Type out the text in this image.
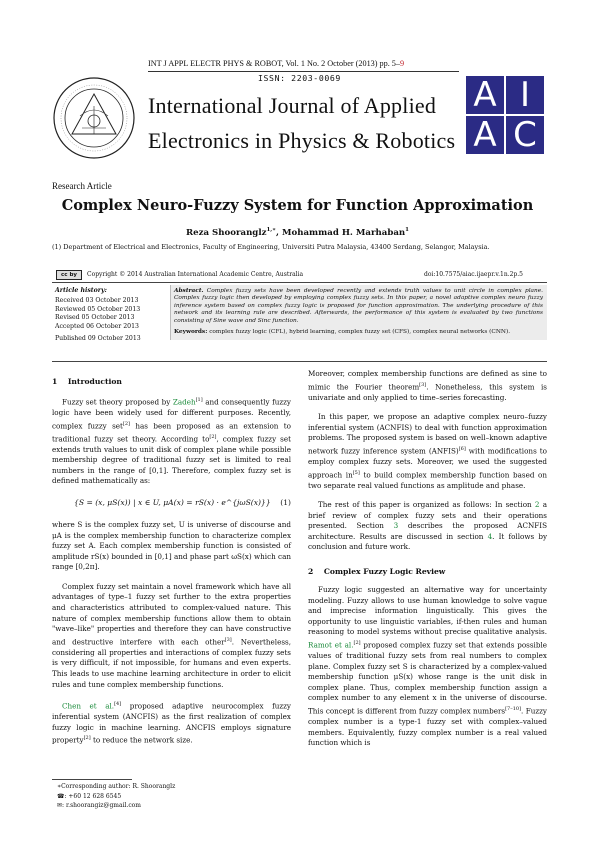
INT J APPL ELECTR PHYS & ROBOT, Vol. 1 No. 2 October (2013) pp. 5–9
ISSN: 2203-0069
International Journal of Applied
Electronics in Physics & Robotics
A I
A C
Research Article
Complex Neuro-Fuzzy System for Function Approximation
Reza Shooranglz$^{1,∗}$, Mohammad H. Marhaban$^1$
(1) Department of Electrical and Electronics, Faculty of Engineering, Universiti Putra Malaysia, 43400 Serdang, Selangor, Malaysia.
cc by	Copyright © 2014 Australian International Academic Centre, Australia	doi:10.7575/aiac.ijaepr.v.1n.2p.5
Article history:
Received 03 October 2013
Reviewed 05 October 2013
Revised 05 October 2013
Accepted 06 October 2013
Published 09 October 2013
Abstract. Complex fuzzy sets have been developed recently and extends truth values to unit circle in complex plane. Complex fuzzy logic then developed by employing complex fuzzy sets. In this paper, a novel adaptive complex neuro fuzzy inference system based on complex fuzzy logic is proposed for function approximation. The underlying procedure of this network and its learning rule are described. Afterwards, the performance of this system is evaluated by two functions consisting of Sine wave and Sinc function.
Keywords: complex fuzzy logic (CFL), hybrid learning, complex fuzzy set (CFS), complex neural networks (CNN).
1    Introduction

Fuzzy set theory proposed by Zadeh[1] and consequently fuzzy logic have been widely used for different purposes. Recently, complex fuzzy set[2] has been proposed as an extension to traditional fuzzy set theory. According to[2], complex fuzzy set extends truth values to unit disk of complex plane while possible membership degree of traditional fuzzy set is limited to real numbers in the range of [0,1]. Therefore, complex fuzzy set is defined mathematically as:

{S = (x, μS(x)) | x ∈ U, μA(x) = rS(x) · e^{jωS(x)}} (1)

where S is the complex fuzzy set, U is universe of discourse and μA is the complex membership function to characterize complex fuzzy set A. Each complex membership function is consisted of amplitude rS(x) bounded in [0,1] and phase part ωS(x) which can range [0,2π].

Complex fuzzy set maintain a novel framework which have all advantages of type–1 fuzzy set further to the extra properties and characteristics attributed to complex-valued nature. This nature of complex membership functions allow them to obtain "wave–like" properties and therefore they can have constructive and destructive interfere with each other[3]. Nevertheless, considering all properties and interactions of complex fuzzy sets is very difficult, if not impossible, for humans and even experts. This leads to use machine learning architecture in order to elicit rules and tune complex membership functions.

Chen et al.[4] proposed adaptive neurocomplex fuzzy inferential system (ANCFIS) as the first realization of complex fuzzy logic in machine learning. ANCFIS employs signature property[2] to reduce the network size.

∗Corresponding author: R. Shooranglz
☎: +60 12 628 6545
✉: r.shoorangiz@gmail.com

Moreover, complex membership functions are defined as sine to mimic the Fourier theorem[3]. Nonetheless, this system is univariate and only applied to time–series forecasting.

In this paper, we propose an adaptive complex neuro–fuzzy inferential system (ACNFIS) to deal with function approximation problems. The proposed system is based on well–known adaptive network fuzzy inference system (ANFIS)[6] with modifications to employ complex fuzzy sets. Moreover, we used the suggested approach in[5] to build complex membership function based on two separate real valued functions as amplitude and phase.

The rest of this paper is organized as follows: In section 2 a brief review of complex fuzzy sets and their operations presented. Section 3 describes the proposed ACNFIS architecture. Results are discussed in section 4. It follows by conclusion and future work.

2    Complex Fuzzy Logic Review

Fuzzy logic suggested an alternative way for uncertainty modeling. Fuzzy allows to use human knowledge to solve vague and imprecise information linguistically. This gives the opportunity to use linguistic variables, if-then rules and human reasoning to model systems without precise qualitative analysis. Ramot et al.[2] proposed complex fuzzy set that extends possible values of traditional fuzzy sets from real numbers to complex plane. Complex fuzzy set S is characterized by a complex-valued membership function μS(x) whose range is the unit disk in complex plane. Thus, complex membership function assign a complex number to any element x in the universe of discourse. This concept is different from fuzzy complex numbers[7–10]. Fuzzy complex number is a type-1 fuzzy set with complex–valued members. Equivalently, fuzzy complex number is a real valued function which is
